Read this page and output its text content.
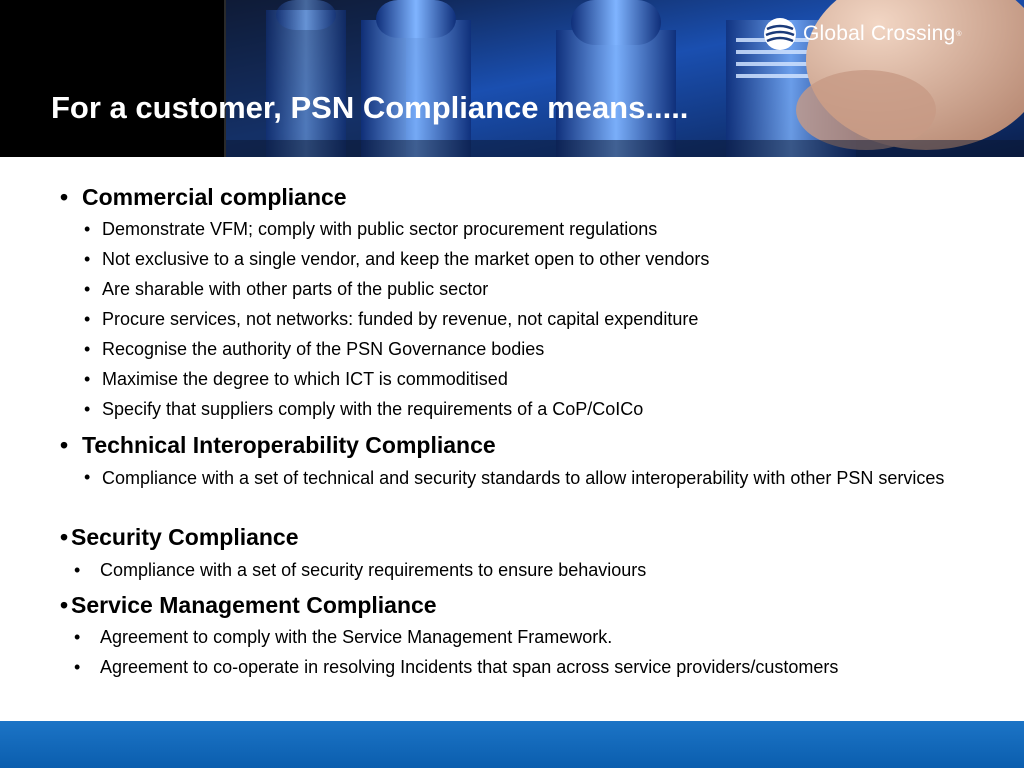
Global Crossing ®
For a customer, PSN Compliance means.....
• Commercial compliance
• Demonstrate VFM; comply with public sector procurement regulations
• Not exclusive to a single vendor, and keep the market open to other vendors
• Are sharable with other parts of the public sector
• Procure services, not networks: funded by revenue, not capital expenditure
• Recognise the authority of the PSN Governance bodies
• Maximise the degree to which ICT is commoditised
• Specify that suppliers comply with the requirements of a CoP/CoICo
• Technical Interoperability Compliance
• Compliance with a set of technical and security standards to allow interoperability with other PSN services
• Security Compliance
• Compliance with a set of security requirements to ensure behaviours
• Service Management Compliance
• Agreement to comply with the Service Management Framework.
• Agreement to co-operate in resolving Incidents that span across service providers/customers
